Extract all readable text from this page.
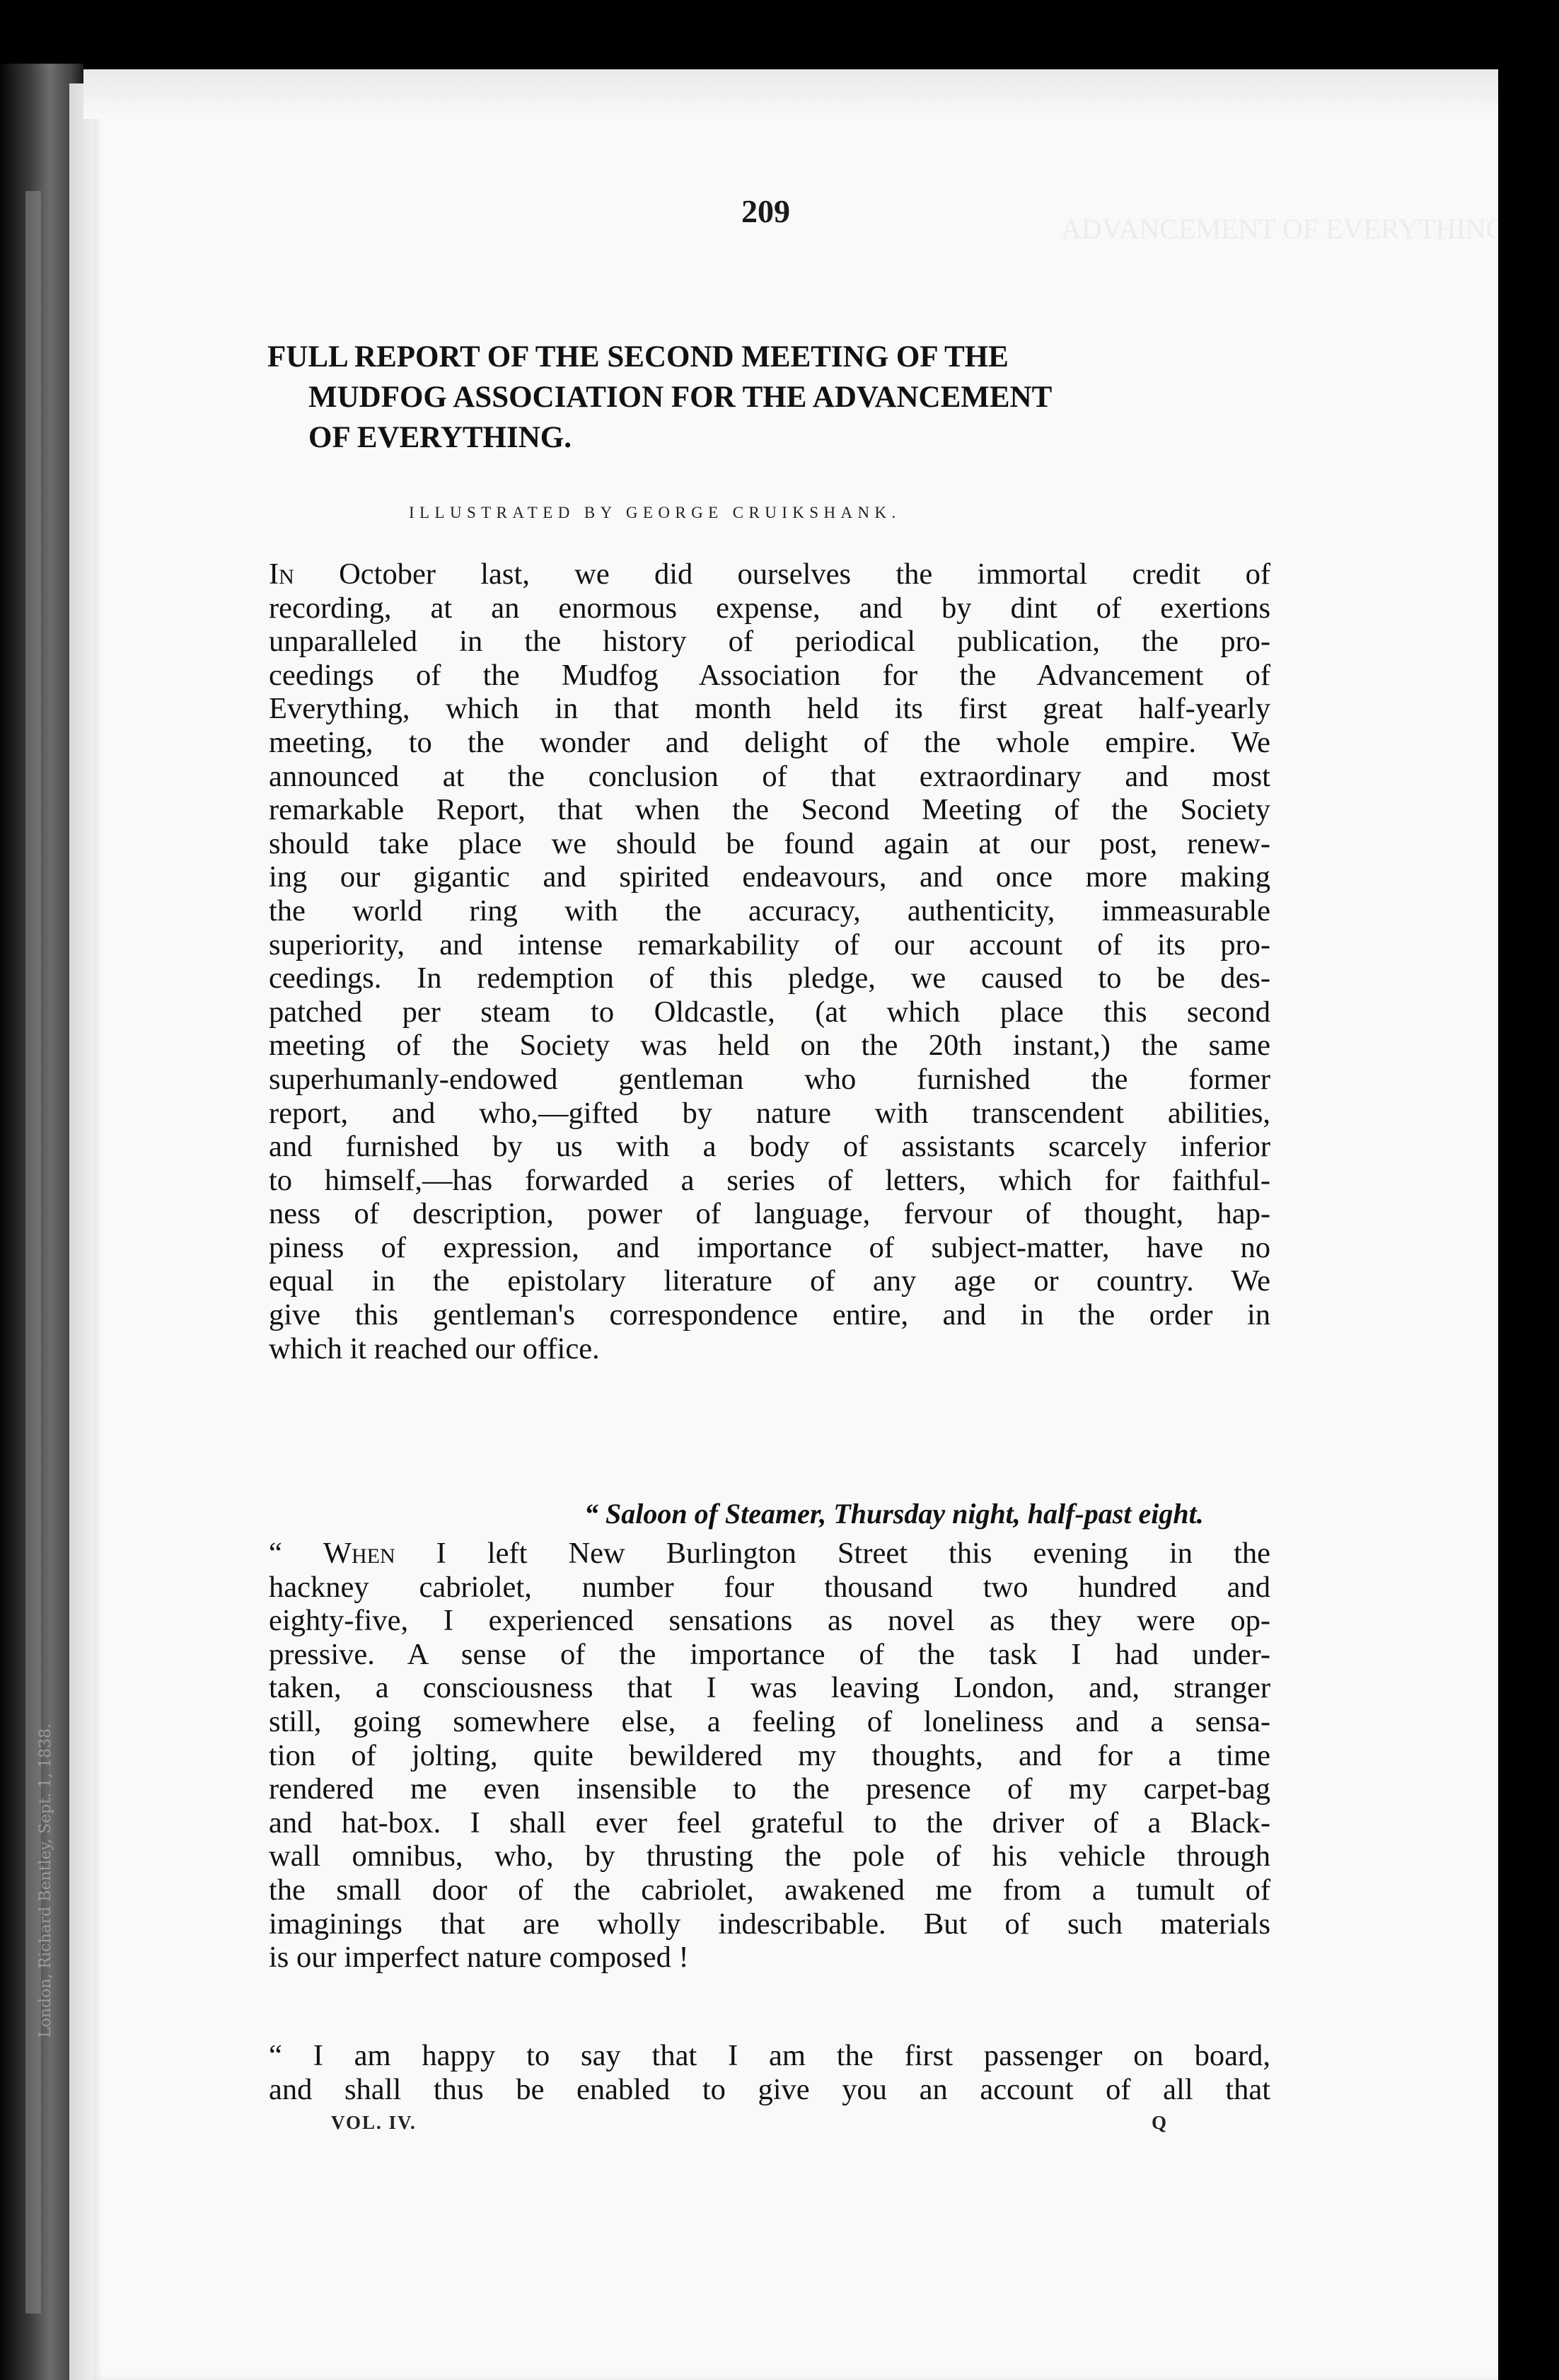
London, Richard Bentley, Sept. 1, 1838.
ADVANCEMENT OF EVERYTHING.
209
FULL REPORT OF THE SECOND MEETING OF THE
MUDFOG ASSOCIATION FOR THE ADVANCEMENT
OF EVERYTHING.
ILLUSTRATED BY GEORGE CRUIKSHANK.
In October last, we did ourselves the immortal credit of
recording, at an enormous expense, and by dint of exertions
unparalleled in the history of periodical publication, the pro-
ceedings of the Mudfog Association for the Advancement of
Everything, which in that month held its first great half-yearly
meeting, to the wonder and delight of the whole empire. We
announced at the conclusion of that extraordinary and most
remarkable Report, that when the Second Meeting of the Society
should take place we should be found again at our post, renew-
ing our gigantic and spirited endeavours, and once more making
the world ring with the accuracy, authenticity, immeasurable
superiority, and intense remarkability of our account of its pro-
ceedings. In redemption of this pledge, we caused to be des-
patched per steam to Oldcastle, (at which place this second
meeting of the Society was held on the 20th instant,) the same
superhumanly-endowed gentleman who furnished the former
report, and who,—gifted by nature with transcendent abilities,
and furnished by us with a body of assistants scarcely inferior
to himself,—has forwarded a series of letters, which for faithful-
ness of description, power of language, fervour of thought, hap-
piness of expression, and importance of subject-matter, have no
equal in the epistolary literature of any age or country. We
give this gentleman's correspondence entire, and in the order in
which it reached our office.
“ Saloon of Steamer, Thursday night, half-past eight.
“ When I left New Burlington Street this evening in the
hackney cabriolet, number four thousand two hundred and
eighty-five, I experienced sensations as novel as they were op-
pressive. A sense of the importance of the task I had under-
taken, a consciousness that I was leaving London, and, stranger
still, going somewhere else, a feeling of loneliness and a sensa-
tion of jolting, quite bewildered my thoughts, and for a time
rendered me even insensible to the presence of my carpet-bag
and hat-box. I shall ever feel grateful to the driver of a Black-
wall omnibus, who, by thrusting the pole of his vehicle through
the small door of the cabriolet, awakened me from a tumult of
imaginings that are wholly indescribable. But of such materials
is our imperfect nature composed !
“ I am happy to say that I am the first passenger on board,
and shall thus be enabled to give you an account of all that
VOL. IV.	Q
